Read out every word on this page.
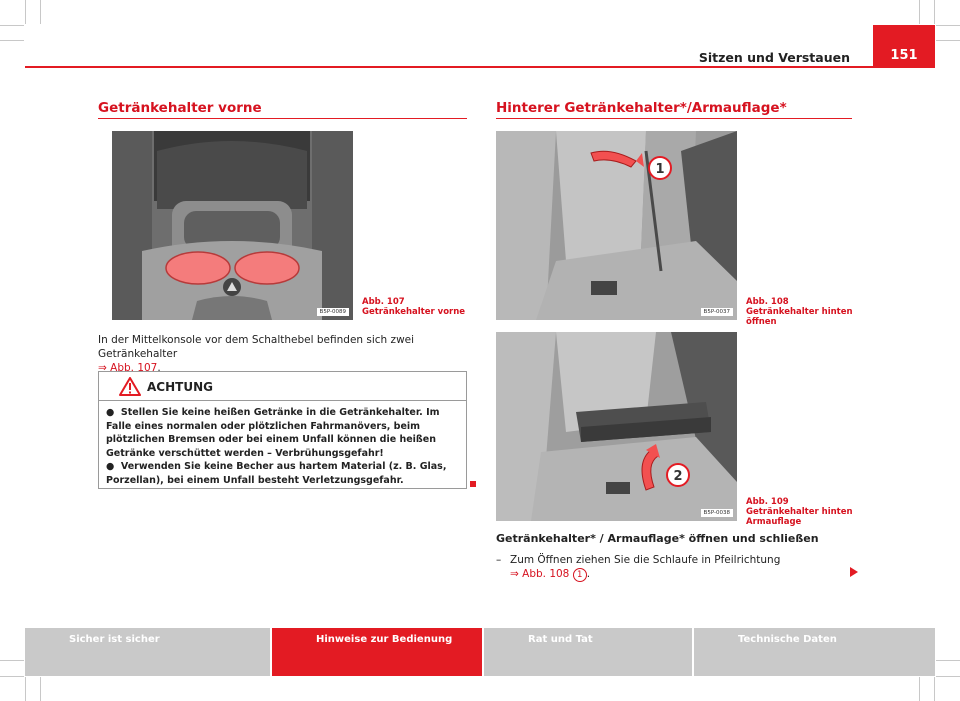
Sitzen und Verstauen	151
Getränkehalter vorne
B5P-0089
Abb. 107 Getränkehalter vorne
In der Mittelkonsole vor dem Schalthebel befinden sich zwei Getränkehalter
⇒ Abb. 107.
ACHTUNG
●  Stellen Sie keine heißen Getränke in die Getränkehalter. Im Falle eines normalen oder plötzlichen Fahrmanövers, beim plötzlichen Bremsen oder bei einem Unfall können die heißen Getränke verschüttet werden – Verbrühungsgefahr!
●  Verwenden Sie keine Becher aus hartem Material (z. B. Glas, Porzellan), bei einem Unfall besteht Verletzungsgefahr.
Hinterer Getränkehalter*/Armauflage*
1
B5P-0037
Abb. 108 Getränkehalter hinten öffnen
2
B5P-0038
Abb. 109 Getränkehalter hinten Armauflage
Getränkehalter* / Armauflage* öffnen und schließen
– Zum Öffnen ziehen Sie die Schlaufe in Pfeilrichtung
⇒ Abb. 108 1 .
Sicher ist sicher	Hinweise zur Bedienung	Rat und Tat	Technische Daten
